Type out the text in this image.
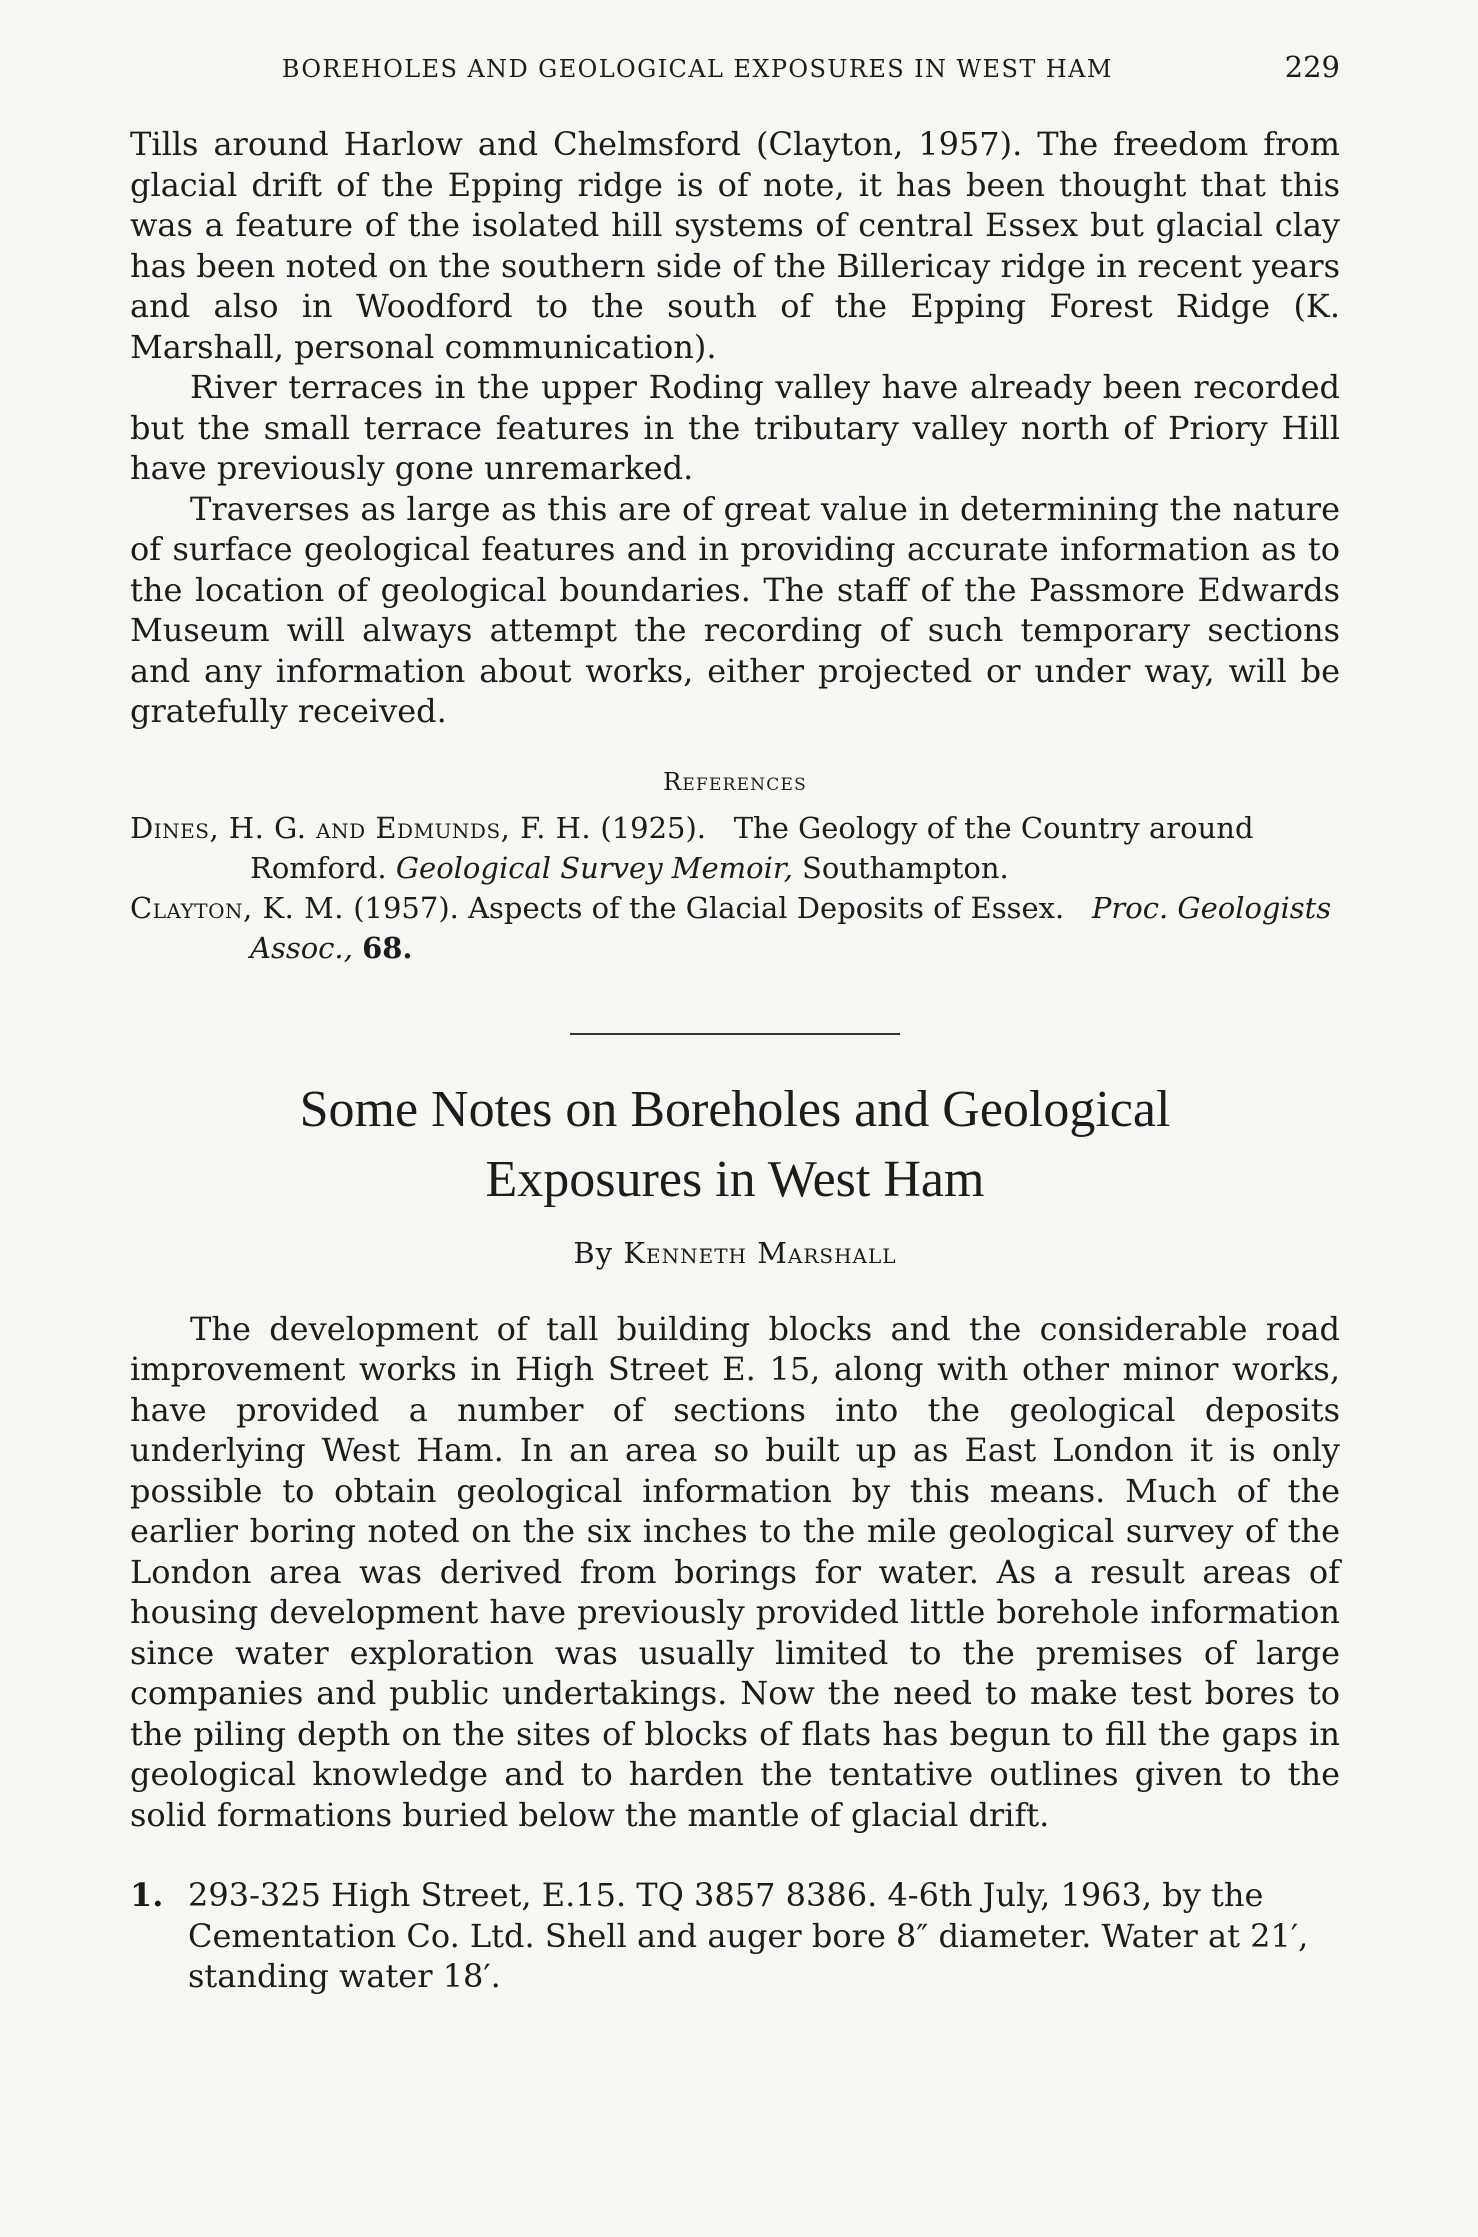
BOREHOLES AND GEOLOGICAL EXPOSURES IN WEST HAM	229

Tills around Harlow and Chelmsford (Clayton, 1957). The freedom from glacial drift of the Epping ridge is of note, it has been thought that this was a feature of the isolated hill systems of central Essex but glacial clay has been noted on the southern side of the Billericay ridge in recent years and also in Woodford to the south of the Epping Forest Ridge (K. Marshall, personal communication).

River terraces in the upper Roding valley have already been recorded but the small terrace features in the tributary valley north of Priory Hill have previously gone unremarked.

Traverses as large as this are of great value in determining the nature of surface geological features and in providing accurate information as to the location of geological boundaries. The staff of the Passmore Edwards Museum will always attempt the recording of such temporary sections and any information about works, either projected or under way, will be gratefully received.

References
Dines, H. G. and Edmunds, F. H. (1925). The Geology of the Country around Romford. Geological Survey Memoir, Southampton.
Clayton, K. M. (1957). Aspects of the Glacial Deposits of Essex. Proc. Geologists Assoc., 68.
Some Notes on Boreholes and Geological
Exposures in West Ham
By Kenneth Marshall

The development of tall building blocks and the considerable road improvement works in High Street E. 15, along with other minor works, have provided a number of sections into the geological deposits underlying West Ham. In an area so built up as East London it is only possible to obtain geological information by this means. Much of the earlier boring noted on the six inches to the mile geological survey of the London area was derived from borings for water. As a result areas of housing development have previously provided little borehole information since water exploration was usually limited to the premises of large companies and public undertakings. Now the need to make test bores to the piling depth on the sites of blocks of flats has begun to fill the gaps in geological knowledge and to harden the tentative outlines given to the solid formations buried below the mantle of glacial drift.

1. 293-325 High Street, E.15. TQ 3857 8386. 4-6th July, 1963, by the Cementation Co. Ltd. Shell and auger bore 8″ diameter. Water at 21′, standing water 18′.
